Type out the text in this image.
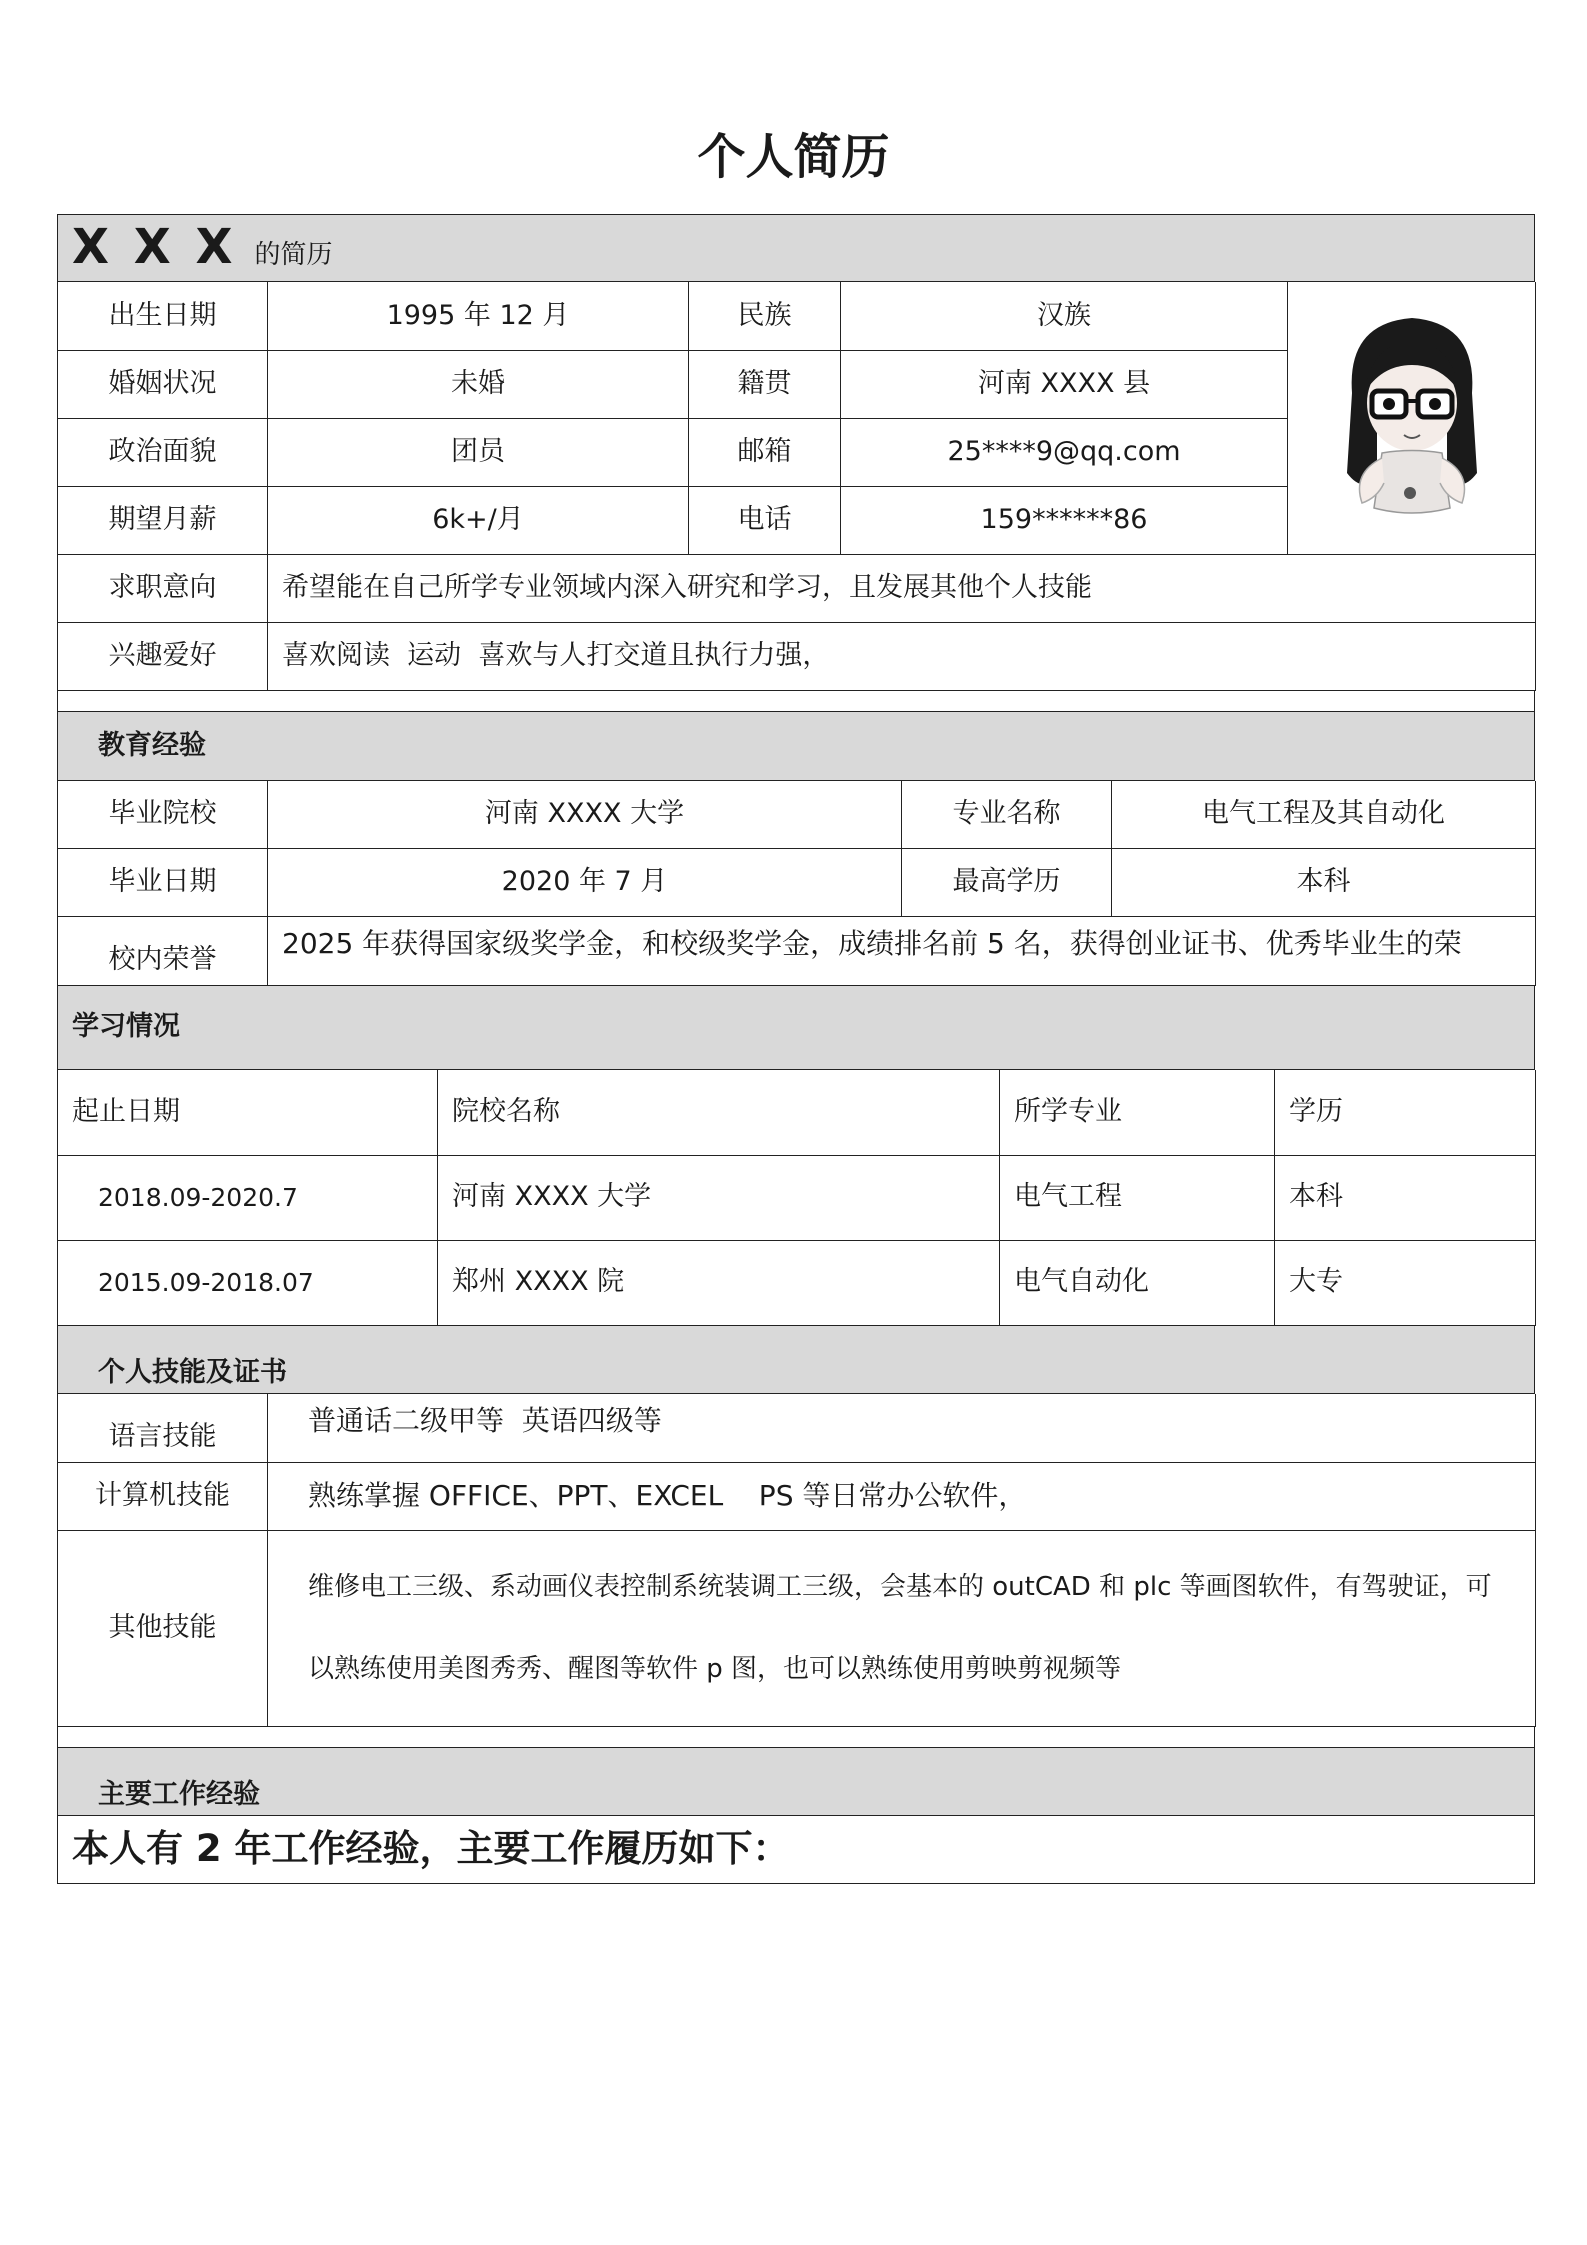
个人简历
X X X 的简历
出生日期	1995 年 12 月	民族	汉族	

婚姻状况	未婚	籍贯	河南 XXXX 县	
政治面貌	团员	邮箱	25****9@qq.com	
期望月薪	6k+/月	电话	159******86	
求职意向	希望能在自己所学专业领域内深入研究和学习，且发展其他个人技能
兴趣爱好	喜欢阅读  运动  喜欢与人打交道且执行力强，
教育经验
毕业院校	河南 XXXX 大学	专业名称	电气工程及其自动化
毕业日期	2020 年 7 月	最高学历	本科
校内荣誉	2025 年获得国家级奖学金，和校级奖学金，成绩排名前 5 名，获得创业证书、优秀毕业生的荣
学习情况
起止日期	院校名称	所学专业	学历
2018.09-2020.7	河南 XXXX 大学	电气工程	本科
2015.09-2018.07	郑州 XXXX 院	电气自动化	大专
个人技能及证书
语言技能	普通话二级甲等  英语四级等
计算机技能	熟练掌握 OFFICE、PPT、EXCEL    PS 等日常办公软件，
其他技能	维修电工三级、系动画仪表控制系统装调工三级，会基本的 outCAD 和 plc 等画图软件，有驾驶证，可
以熟练使用美图秀秀、醒图等软件 p 图，也可以熟练使用剪映剪视频等
主要工作经验
本人有 2 年工作经验，主要工作履历如下：
